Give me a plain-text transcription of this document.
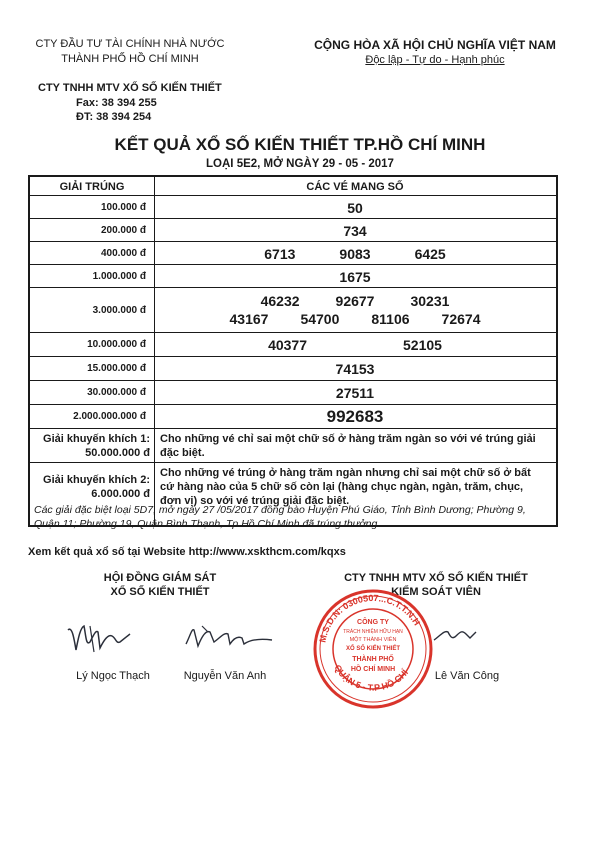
CTY ĐẦU TƯ TÀI CHÍNH NHÀ NƯỚC
THÀNH PHỐ HỒ CHÍ MINH
CỘNG HÒA XÃ HỘI CHỦ NGHĨA VIỆT NAM
Độc lập - Tự do - Hạnh phúc
CTY TNHH MTV XỔ SỐ KIẾN THIẾT
Fax: 38 394 255
ĐT: 38 394 254
KẾT QUẢ XỔ SỐ KIẾN THIẾT TP.HỒ CHÍ MINH
LOẠI 5E2, MỞ NGÀY 29 - 05 - 2017
GIẢI TRÚNG	CÁC VÉ MANG SỐ
100.000 đ	50
200.000 đ	734
400.000 đ	6713	9083	6425
1.000.000 đ	1675
3.000.000 đ
46232	92677	30231
43167 54700 81106 72674
10.000.000 đ	40377	52105
15.000.000 đ	74153
30.000.000 đ	27511
2.000.000.000 đ	992683
Giải khuyến khích 1:
50.000.000 đ
Cho những vé chỉ sai một chữ số ở hàng trăm ngàn so với vé trúng giải đặc biệt.
Giải khuyến khích 2:
6.000.000 đ
Cho những vé trúng ở hàng trăm ngàn nhưng chỉ sai một chữ số ở bất cứ hàng nào của 5 chữ số còn lại (hàng chục ngàn, ngàn, trăm, chục, đơn vị) so với vé trúng giải đặc biệt.
Các giải đặc biệt loại 5D7, mở ngày 27 /05/2017 đồng bào Huyện Phú Giáo, Tỉnh Bình Dương; Phường 9, Quận 11; Phường 19, Quận Bình Thạnh, Tp.Hồ Chí Minh đã trúng thưởng.
Xem kết quả xổ số tại Website http://www.xskthcm.com/kqxs
HỘI ĐỒNG GIÁM SÁT
XỔ SỐ KIẾN THIẾT
CTY TNHH MTV XỔ SỐ KIẾN THIẾT
KIỂM SOÁT VIÊN
M.S.D.N: 0300507...C.T.T.N.H
QUẬN 5 - T.P HỒ CHÍ
CÔNG TY
TRÁCH NHIỆM HỮU HẠN
MỘT THÀNH VIÊN
XỔ SỐ KIẾN THIẾT
THÀNH PHỐ
HỒ CHÍ MINH
Lý Ngọc Thạch	Nguyễn Văn Anh	Lê Văn Công
